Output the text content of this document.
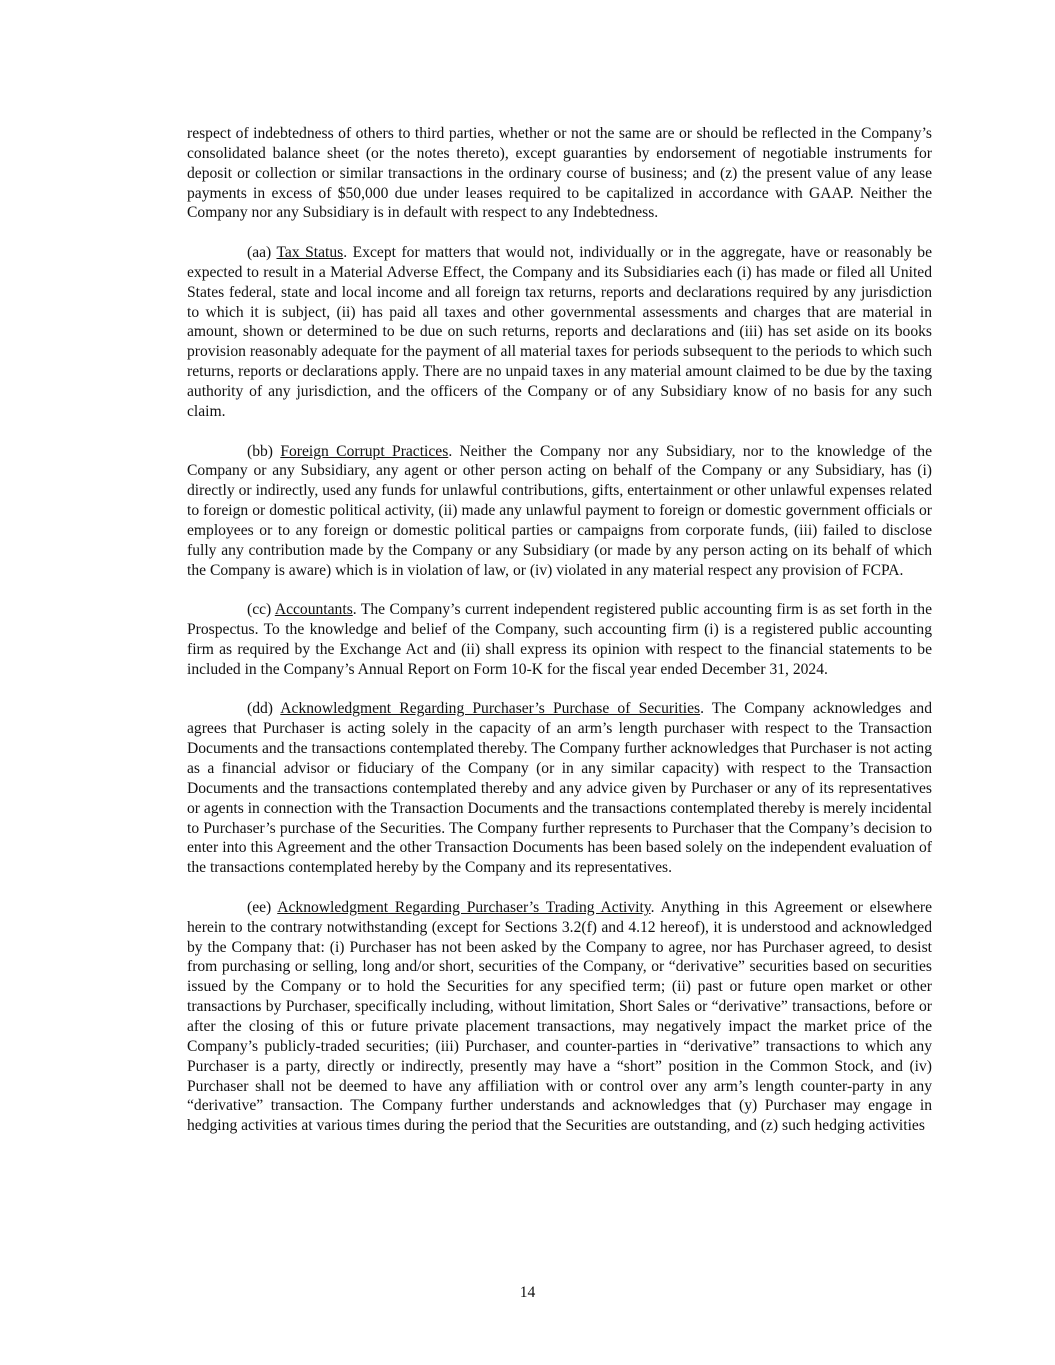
respect of indebtedness of others to third parties, whether or not the same are or should be reflected in the Company’s consolidated balance sheet (or the notes thereto), except guaranties by endorsement of negotiable instruments for deposit or collection or similar transactions in the ordinary course of business; and (z) the present value of any lease payments in excess of $50,000 due under leases required to be capitalized in accordance with GAAP. Neither the Company nor any Subsidiary is in default with respect to any Indebtedness.

(aa) Tax Status. Except for matters that would not, individually or in the aggregate, have or reasonably be expected to result in a Material Adverse Effect, the Company and its Subsidiaries each (i) has made or filed all United States federal, state and local income and all foreign tax returns, reports and declarations required by any jurisdiction to which it is subject, (ii) has paid all taxes and other governmental assessments and charges that are material in amount, shown or determined to be due on such returns, reports and declarations and (iii) has set aside on its books provision reasonably adequate for the payment of all material taxes for periods subsequent to the periods to which such returns, reports or declarations apply. There are no unpaid taxes in any material amount claimed to be due by the taxing authority of any jurisdiction, and the officers of the Company or of any Subsidiary know of no basis for any such claim.

(bb) Foreign Corrupt Practices. Neither the Company nor any Subsidiary, nor to the knowledge of the Company or any Subsidiary, any agent or other person acting on behalf of the Company or any Subsidiary, has (i) directly or indirectly, used any funds for unlawful contributions, gifts, entertainment or other unlawful expenses related to foreign or domestic political activity, (ii) made any unlawful payment to foreign or domestic government officials or employees or to any foreign or domestic political parties or campaigns from corporate funds, (iii) failed to disclose fully any contribution made by the Company or any Subsidiary (or made by any person acting on its behalf of which the Company is aware) which is in violation of law, or (iv) violated in any material respect any provision of FCPA.

(cc) Accountants. The Company’s current independent registered public accounting firm is as set forth in the Prospectus. To the knowledge and belief of the Company, such accounting firm (i) is a registered public accounting firm as required by the Exchange Act and (ii) shall express its opinion with respect to the financial statements to be included in the Company’s Annual Report on Form 10-K for the fiscal year ended December 31, 2024.

(dd) Acknowledgment Regarding Purchaser’s Purchase of Securities. The Company acknowledges and agrees that Purchaser is acting solely in the capacity of an arm’s length purchaser with respect to the Transaction Documents and the transactions contemplated thereby. The Company further acknowledges that Purchaser is not acting as a financial advisor or fiduciary of the Company (or in any similar capacity) with respect to the Transaction Documents and the transactions contemplated thereby and any advice given by Purchaser or any of its representatives or agents in connection with the Transaction Documents and the transactions contemplated thereby is merely incidental to Purchaser’s purchase of the Securities. The Company further represents to Purchaser that the Company’s decision to enter into this Agreement and the other Transaction Documents has been based solely on the independent evaluation of the transactions contemplated hereby by the Company and its representatives.

(ee) Acknowledgment Regarding Purchaser’s Trading Activity. Anything in this Agreement or elsewhere herein to the contrary notwithstanding (except for Sections 3.2(f) and 4.12 hereof), it is understood and acknowledged by the Company that: (i) Purchaser has not been asked by the Company to agree, nor has Purchaser agreed, to desist from purchasing or selling, long and/or short, securities of the Company, or “derivative” securities based on securities issued by the Company or to hold the Securities for any specified term; (ii) past or future open market or other transactions by Purchaser, specifically including, without limitation, Short Sales or “derivative” transactions, before or after the closing of this or future private placement transactions, may negatively impact the market price of the Company’s publicly-traded securities; (iii) Purchaser, and counter-parties in “derivative” transactions to which any Purchaser is a party, directly or indirectly, presently may have a “short” position in the Common Stock, and (iv) Purchaser shall not be deemed to have any affiliation with or control over any arm’s length counter-party in any “derivative” transaction. The Company further understands and acknowledges that (y) Purchaser may engage in hedging activities at various times during the period that the Securities are outstanding, and (z) such hedging activities

14
